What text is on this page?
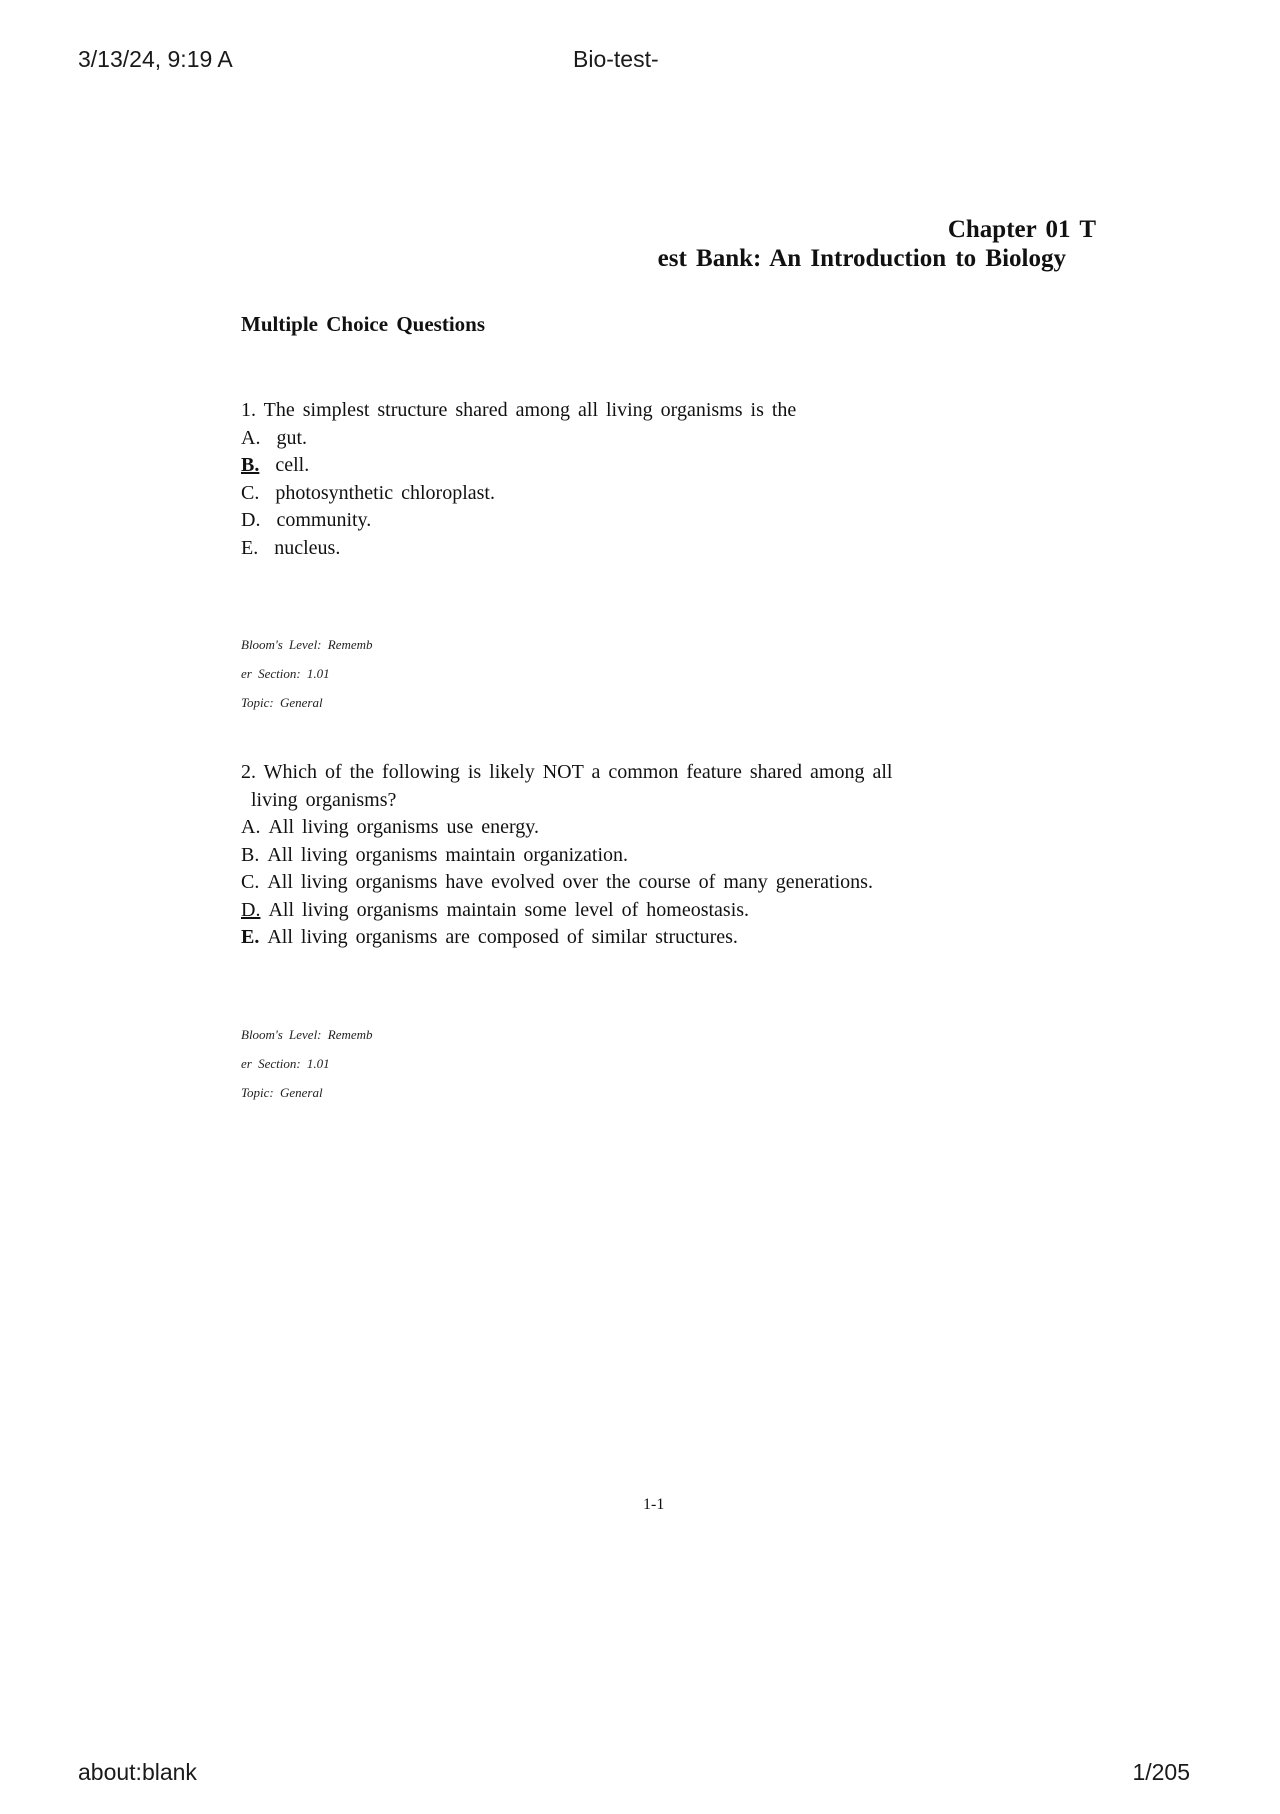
3/13/24, 9:19 A	Bio-test-
Chapter 01 T
est Bank: An Introduction to Biology
Multiple Choice Questions
1. The simplest structure shared among all living organisms is the
A. gut.
B. cell.
C. photosynthetic chloroplast.
D. community.
E. nucleus.
Bloom's Level: Rememb
er Section: 1.01
Topic: General
2. Which of the following is likely NOT a common feature shared among all
living organisms?
A. All living organisms use energy.
B. All living organisms maintain organization.
C. All living organisms have evolved over the course of many generations.
D. All living organisms maintain some level of homeostasis.
E. All living organisms are composed of similar structures.
Bloom's Level: Rememb
er Section: 1.01
Topic: General
1-1
about:blank	1/205
